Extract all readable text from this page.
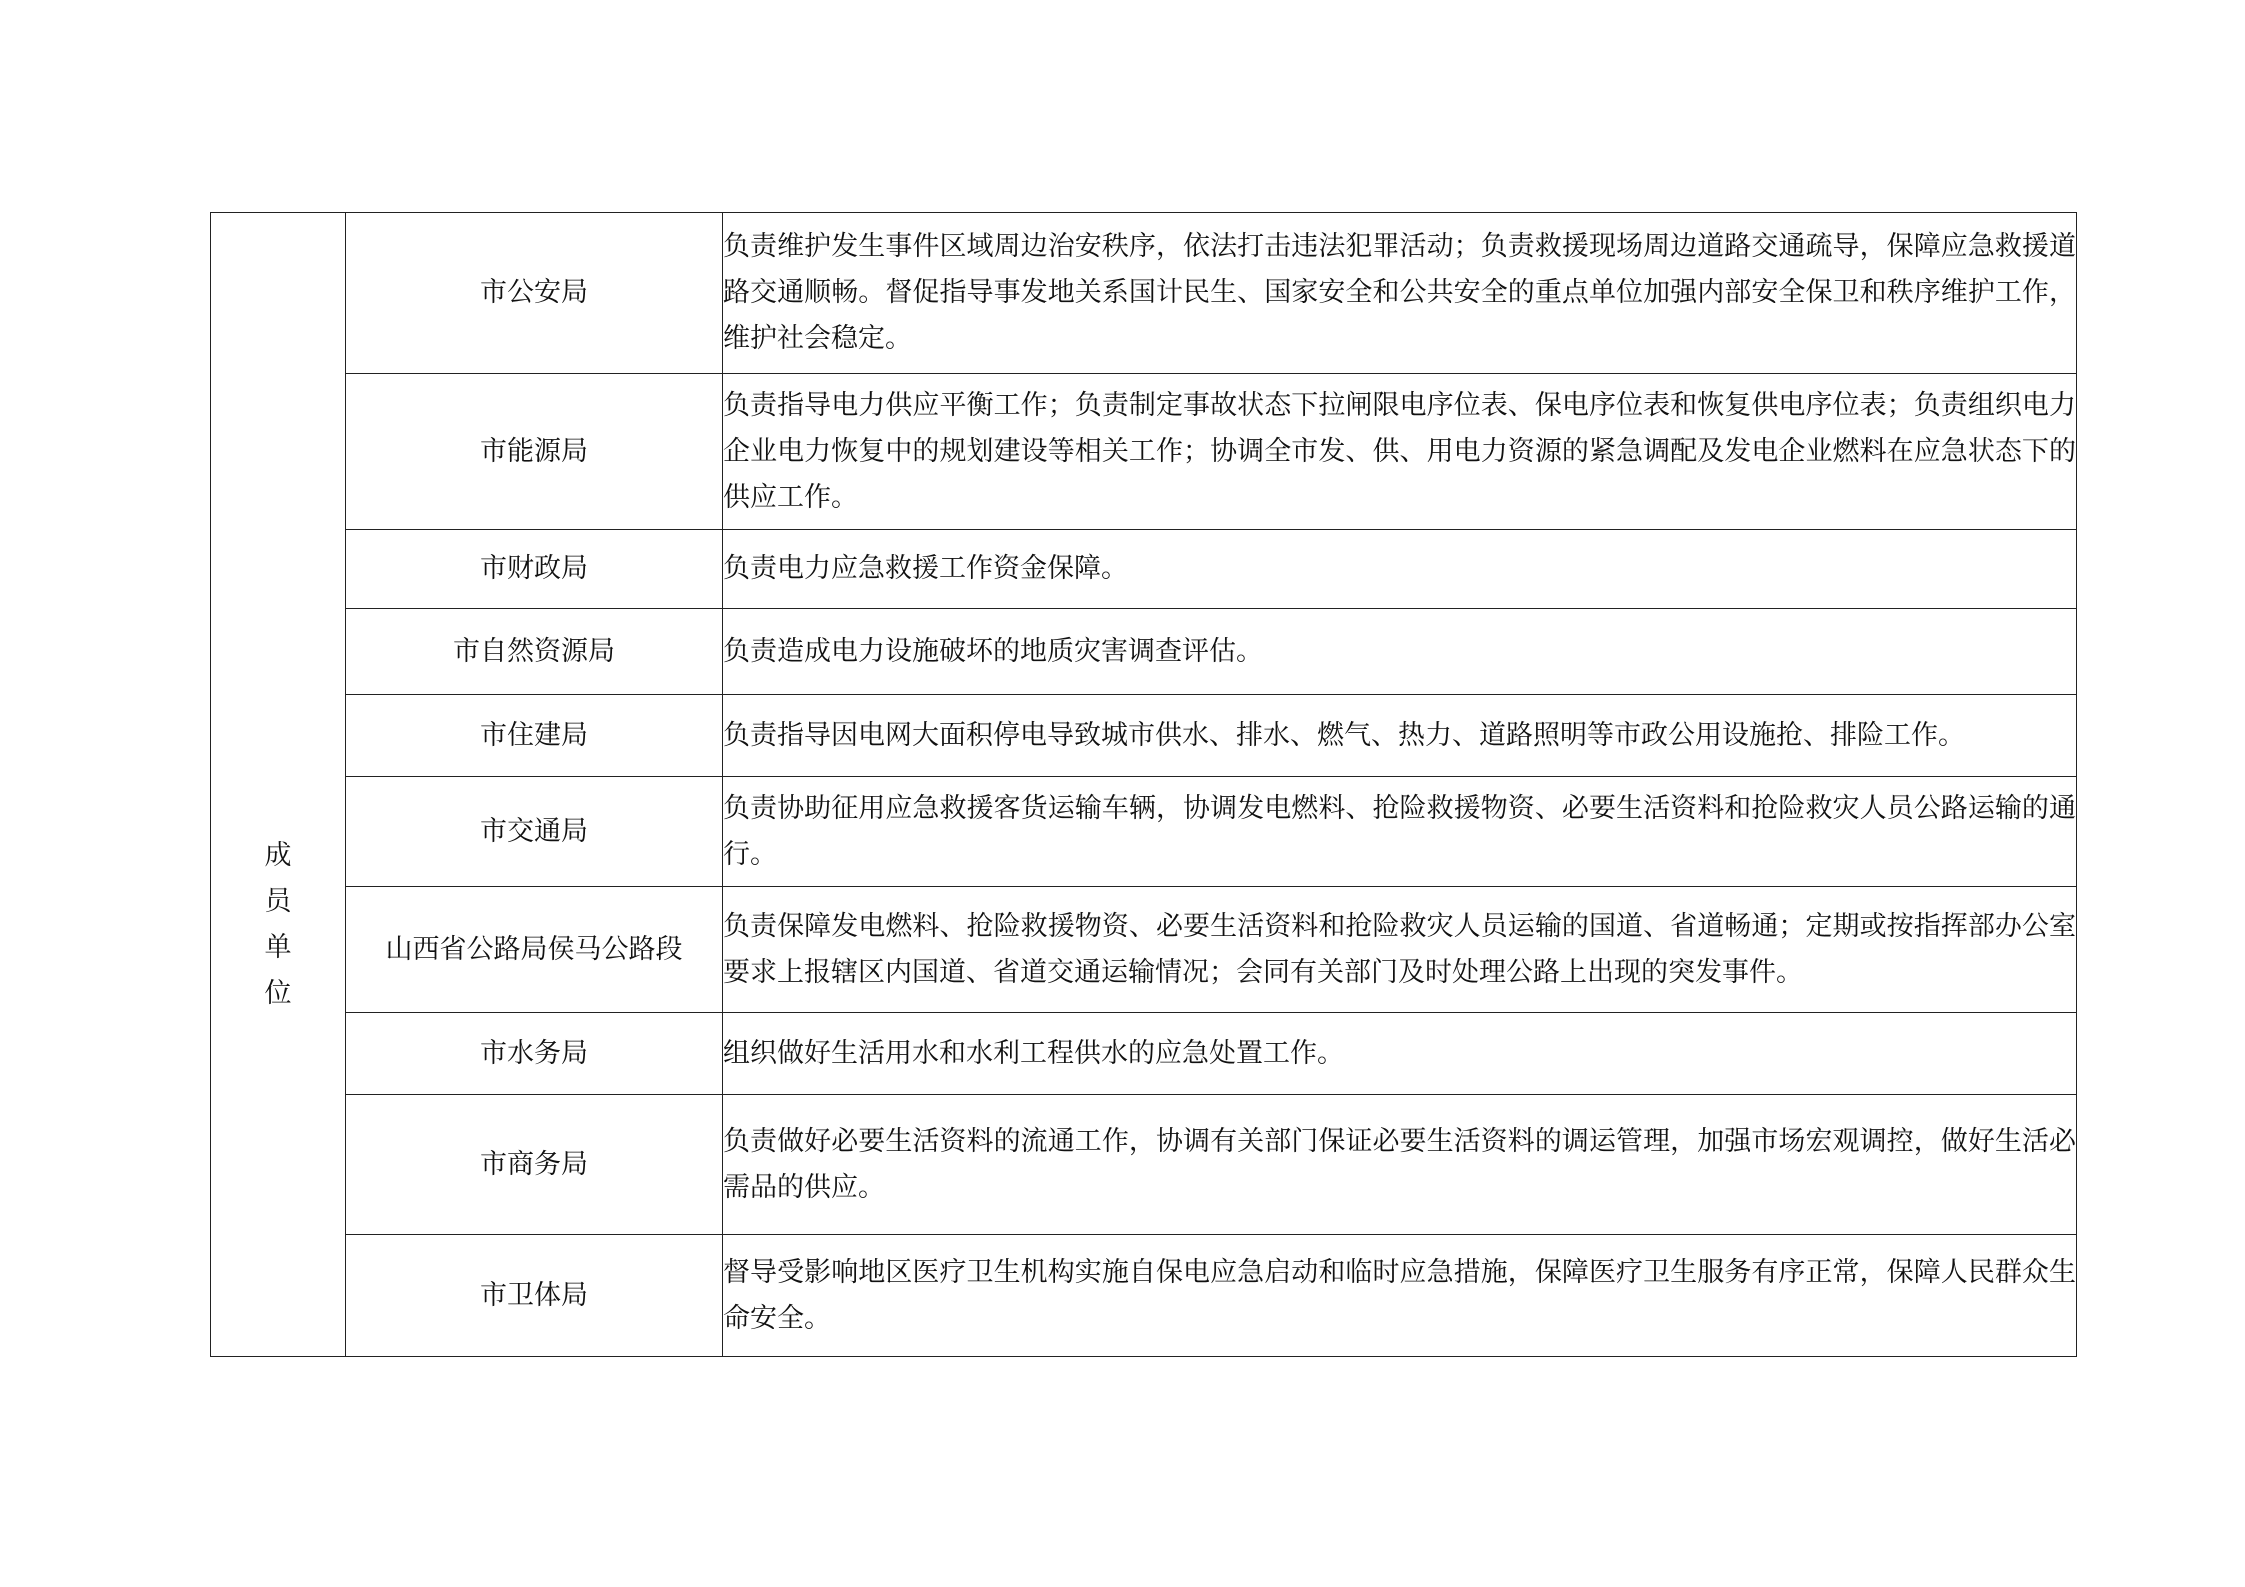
成员单位	市公安局	负责维护发生事件区域周边治安秩序，依法打击违法犯罪活动；负责救援现场周边道路交通疏导，保障应急救援道路交通顺畅。督促指导事发地关系国计民生、国家安全和公共安全的重点单位加强内部安全保卫和秩序维护工作，维护社会稳定。
	市能源局	负责指导电力供应平衡工作；负责制定事故状态下拉闸限电序位表、保电序位表和恢复供电序位表；负责组织电力企业电力恢复中的规划建设等相关工作；协调全市发、供、用电力资源的紧急调配及发电企业燃料在应急状态下的供应工作。
	市财政局	负责电力应急救援工作资金保障。
	市自然资源局	负责造成电力设施破坏的地质灾害调查评估。
	市住建局	负责指导因电网大面积停电导致城市供水、排水、燃气、热力、道路照明等市政公用设施抢、排险工作。
	市交通局	负责协助征用应急救援客货运输车辆，协调发电燃料、抢险救援物资、必要生活资料和抢险救灾人员公路运输的通行。
	山西省公路局侯马公路段	负责保障发电燃料、抢险救援物资、必要生活资料和抢险救灾人员运输的国道、省道畅通；定期或按指挥部办公室要求上报辖区内国道、省道交通运输情况；会同有关部门及时处理公路上出现的突发事件。
	市水务局	组织做好生活用水和水利工程供水的应急处置工作。
	市商务局	负责做好必要生活资料的流通工作，协调有关部门保证必要生活资料的调运管理，加强市场宏观调控，做好生活必需品的供应。
	市卫体局	督导受影响地区医疗卫生机构实施自保电应急启动和临时应急措施，保障医疗卫生服务有序正常，保障人民群众生命安全。
